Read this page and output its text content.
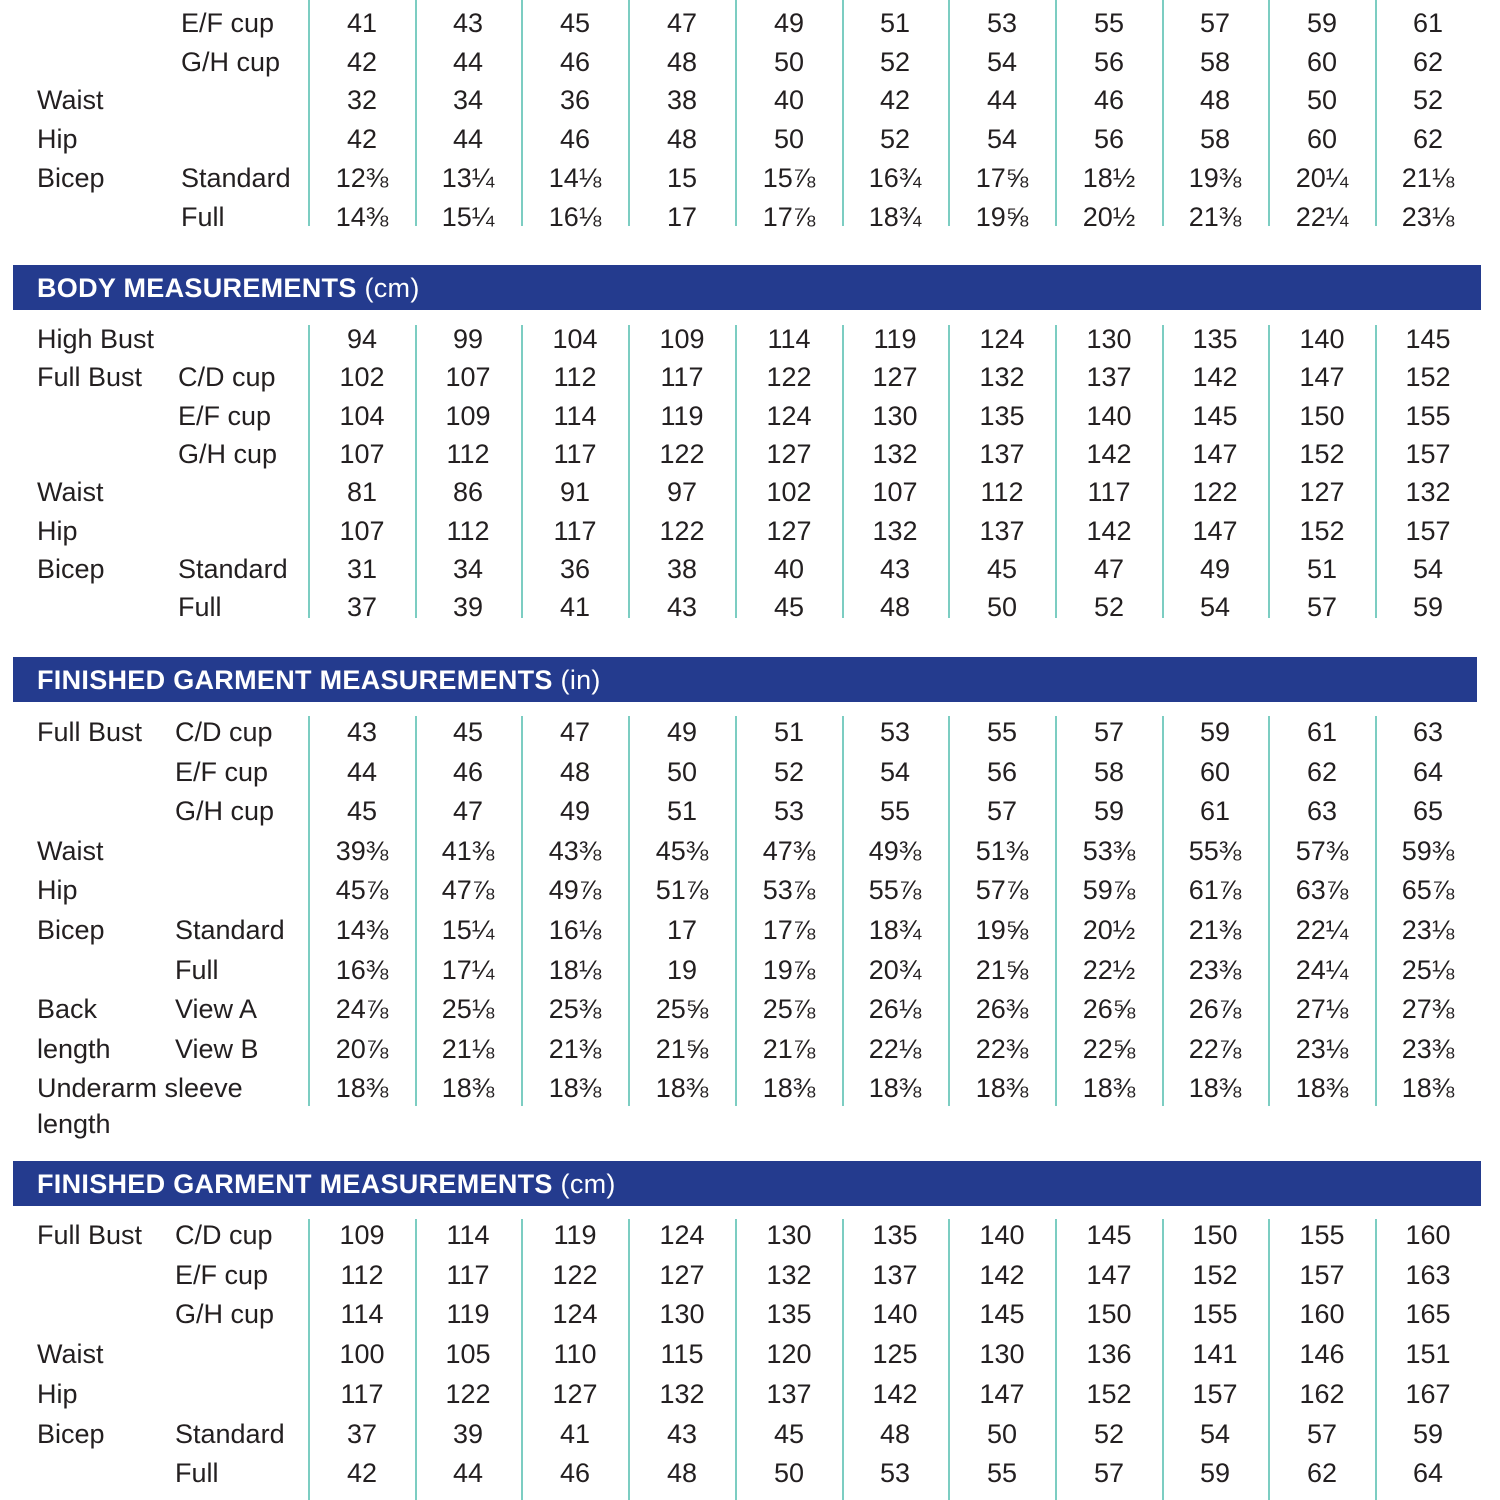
E/F cup	41	43	45	47	49	51	53	55	57	59	61
G/H cup 42	44	46	48	50	52	54	56	58	60	62
Waist	32	34	36	38	40	42	44	46	48	50	52
Hip	42	44	46	48	50	52	54	56	58	60	62
Bicep	Standard 12⅜ 13¼ 14⅛ 15 15⅞ 16¾ 17⅝ 18½ 19⅜ 20¼ 21⅛
Full	14⅜ 15¼ 16⅛ 17 17⅞ 18¾ 19⅝ 20½ 21⅜ 22¼ 23⅛
BODY MEASUREMENTS (cm)
High Bust	94	99	104 109 114 119 124 130 135 140 145
Full Bust C/D cup 102 107 112 117 122 127 132 137 142 147 152
E/F cup	104 109 114 119 124 130 135 140 145 150 155
G/H cup 107 112 117 122 127 132 137 142 147 152 157
Waist	81	86	91	97	102 107 112 117 122 127 132
Hip	107 112 117 122 127 132 137 142 147 152 157
Bicep	Standard 31	34	36	38	40	43	45	47	49	51	54
Full	37	39	41	43	45	48	50	52	54	57	59
FINISHED GARMENT MEASUREMENTS (in)
Full Bust C/D cup	43	45	47	49	51	53	55	57	59	61	63
E/F cup	44	46	48	50	52	54	56	58	60	62	64
G/H cup	45	47	49	51	53	55	57	59	61	63	65
Waist	39⅜ 41⅜ 43⅜ 45⅜ 47⅜ 49⅜ 51⅜ 53⅜ 55⅜ 57⅜ 59⅜
Hip	45⅞ 47⅞ 49⅞ 51⅞ 53⅞ 55⅞ 57⅞ 59⅞ 61⅞ 63⅞ 65⅞
Bicep	Standard 14⅜ 15¼ 16⅛ 17 17⅞ 18¾ 19⅝ 20½ 21⅜ 22¼ 23⅛
Full	16⅜ 17¼ 18⅛ 19 19⅞ 20¾ 21⅝ 22½ 23⅜ 24¼ 25⅛
Back	View A	24⅞ 25⅛ 25⅜ 25⅝ 25⅞ 26⅛ 26⅜ 26⅝ 26⅞ 27⅛ 27⅜
length View B	20⅞ 21⅛ 21⅜ 21⅝ 21⅞ 22⅛ 22⅜ 22⅝ 22⅞ 23⅛ 23⅜
Underarm sleeve
length
18⅜ 18⅜ 18⅜ 18⅜ 18⅜ 18⅜ 18⅜ 18⅜ 18⅜ 18⅜ 18⅜
FINISHED GARMENT MEASUREMENTS (cm)
Full Bust C/D cup 109 114 119 124 130 135 140 145 150 155 160
E/F cup	112 117 122 127 132 137 142 147 152 157 163
G/H cup 114 119 124 130 135 140 145 150 155 160 165
Waist	100 105 110 115 120 125 130 136 141 146 151
Hip	117 122 127 132 137 142 147 152 157 162 167
Bicep	Standard 37	39	41	43	45	48	50	52	54	57	59
Full	42	44	46	48	50	53	55	57	59	62	64
